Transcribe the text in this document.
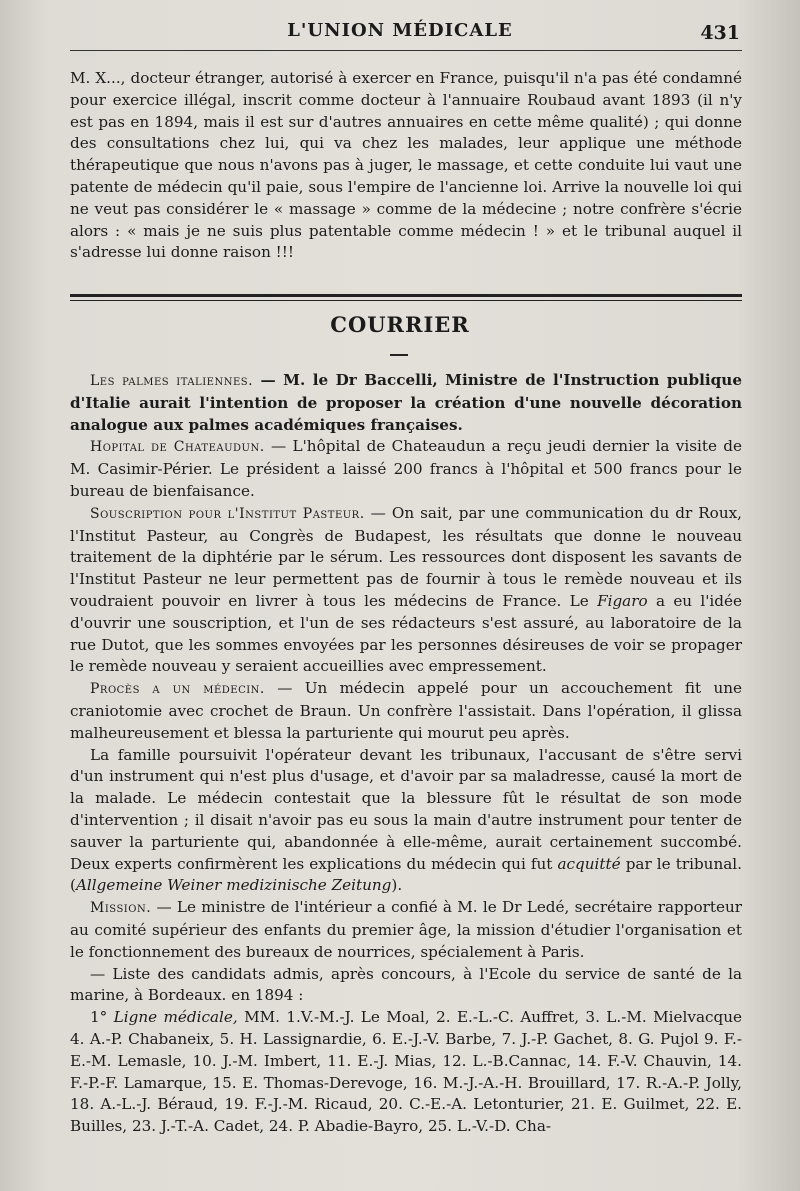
L'UNION MÉDICALE	431
M. X..., docteur étranger, autorisé à exercer en France, puisqu'il n'a pas été condamné pour exercice illégal, inscrit comme docteur à l'annuaire Roubaud avant 1893 (il n'y est pas en 1894, mais il est sur d'autres annuaires en cette même qualité) ; qui donne des consultations chez lui, qui va chez les malades, leur applique une méthode thérapeutique que nous n'avons pas à juger, le massage, et cette conduite lui vaut une patente de médecin qu'il paie, sous l'empire de l'ancienne loi. Arrive la nouvelle loi qui ne veut pas considérer le « massage » comme de la médecine ; notre confrère s'écrie alors : « mais je ne suis plus patentable comme médecin ! » et le tribunal auquel il s'adresse lui donne raison !!!
COURRIER

Les palmes italiennes. — M. le Dr Baccelli, Ministre de l'Instruction publique d'Italie aurait l'intention de proposer la création d'une nouvelle décoration analogue aux palmes académiques françaises.

Hopital de Chateaudun. — L'hôpital de Chateaudun a reçu jeudi dernier la visite de M. Casimir-Périer. Le président a laissé 200 francs à l'hôpital et 500 francs pour le bureau de bienfaisance.

Souscription pour l'Institut Pasteur. — On sait, par une communication du dr Roux, l'Institut Pasteur, au Congrès de Budapest, les résultats que donne le nouveau traitement de la diphtérie par le sérum. Les ressources dont disposent les savants de l'Institut Pasteur ne leur permettent pas de fournir à tous le remède nouveau et ils voudraient pouvoir en livrer à tous les médecins de France. Le Figaro a eu l'idée d'ouvrir une souscription, et l'un de ses rédacteurs s'est assuré, au laboratoire de la rue Dutot, que les sommes envoyées par les personnes désireuses de voir se propager le remède nouveau y seraient accueillies avec empressement.

Procès a un médecin. — Un médecin appelé pour un accouchement fit une craniotomie avec crochet de Braun. Un confrère l'assistait. Dans l'opération, il glissa malheureusement et blessa la parturiente qui mourut peu après.

La famille poursuivit l'opérateur devant les tribunaux, l'accusant de s'être servi d'un instrument qui n'est plus d'usage, et d'avoir par sa maladresse, causé la mort de la malade. Le médecin contestait que la blessure fût le résultat de son mode d'intervention ; il disait n'avoir pas eu sous la main d'autre instrument pour tenter de sauver la parturiente qui, abandonnée à elle-même, aurait certainement succombé. Deux experts confirmèrent les explications du médecin qui fut acquitté par le tribunal. (Allgemeine Weiner medizinische Zeitung).

Mission. — Le ministre de l'intérieur a confié à M. le Dr Ledé, secrétaire rapporteur au comité supérieur des enfants du premier âge, la mission d'étudier l'organisation et le fonctionnement des bureaux de nourrices, spécialement à Paris.

— Liste des candidats admis, après concours, à l'Ecole du service de santé de la marine, à Bordeaux. en 1894 :

1° Ligne médicale, MM. 1.V.-M.-J. Le Moal, 2. E.-L.-C. Auffret, 3. L.-M. Mielvacque 4. A.-P. Chabaneix, 5. H. Lassignardie, 6. E.-J.-V. Barbe, 7. J.-P. Gachet, 8. G. Pujol 9. F.-E.-M. Lemasle, 10. J.-M. Imbert, 11. E.-J. Mias, 12. L.-B.Cannac, 14. F.-V. Chauvin, 14. F.-P.-F. Lamarque, 15. E. Thomas-Derevoge, 16. M.-J.-A.-H. Brouillard, 17. R.-A.-P. Jolly, 18. A.-L.-J. Béraud, 19. F.-J.-M. Ricaud, 20. C.-E.-A. Letonturier, 21. E. Guilmet, 22. E. Builles, 23. J.-T.-A. Cadet, 24. P. Abadie-Bayro, 25. L.-V.-D. Cha-
